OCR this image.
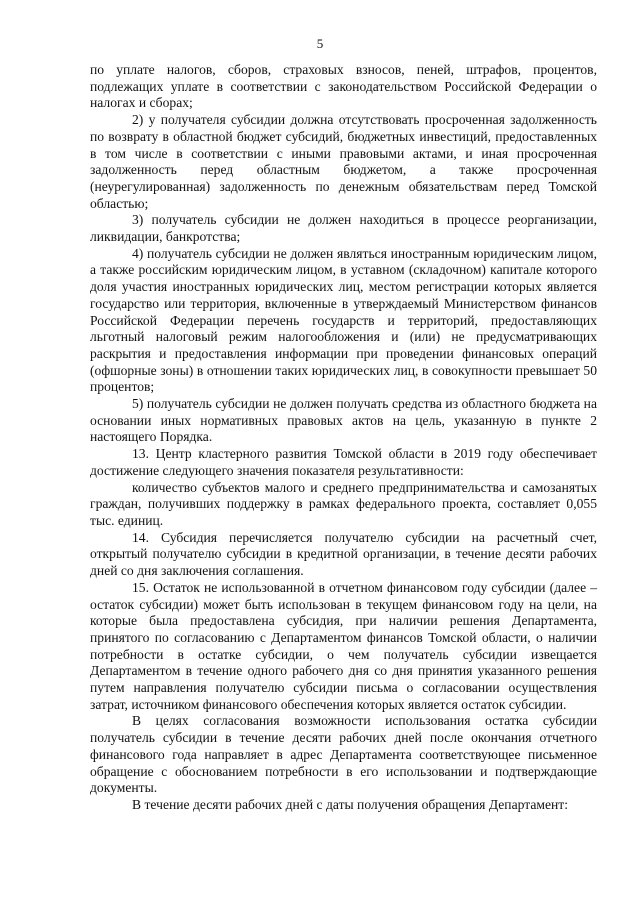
5

по уплате налогов, сборов, страховых взносов, пеней, штрафов, процентов, подлежащих уплате в соответствии с законодательством Российской Федерации о налогах и сборах;

2) у получателя субсидии должна отсутствовать просроченная задолженность по возврату в областной бюджет субсидий, бюджетных инвестиций, предоставленных в том числе в соответствии с иными правовыми актами, и иная просроченная задолженность перед областным бюджетом, а также просроченная (неурегулированная) задолженность по денежным обязательствам перед Томской областью;

3) получатель субсидии не должен находиться в процессе реорганизации, ликвидации, банкротства;

4) получатель субсидии не должен являться иностранным юридическим лицом, а также российским юридическим лицом, в уставном (складочном) капитале которого доля участия иностранных юридических лиц, местом регистрации которых является государство или территория, включенные в утверждаемый Министерством финансов Российской Федерации перечень государств и территорий, предоставляющих льготный налоговый режим налогообложения и (или) не предусматривающих раскрытия и предоставления информации при проведении финансовых операций (офшорные зоны) в отношении таких юридических лиц, в совокупности превышает 50 процентов;

5) получатель субсидии не должен получать средства из областного бюджета на основании иных нормативных правовых актов на цель, указанную в пункте 2 настоящего Порядка.

13. Центр кластерного развития Томской области в 2019 году обеспечивает достижение следующего значения показателя результативности:

количество субъектов малого и среднего предпринимательства и самозанятых граждан, получивших поддержку в рамках федерального проекта, составляет 0,055 тыс. единиц.

14. Субсидия перечисляется получателю субсидии на расчетный счет, открытый получателю субсидии в кредитной организации, в течение десяти рабочих дней со дня заключения соглашения.

15. Остаток не использованной в отчетном финансовом году субсидии (далее – остаток субсидии) может быть использован в текущем финансовом году на цели, на которые была предоставлена субсидия, при наличии решения Департамента, принятого по согласованию с Департаментом финансов Томской области, о наличии потребности в остатке субсидии, о чем получатель субсидии извещается Департаментом в течение одного рабочего дня со дня принятия указанного решения путем направления получателю субсидии письма о согласовании осуществления затрат, источником финансового обеспечения которых является остаток субсидии.

В целях согласования возможности использования остатка субсидии получатель субсидии в течение десяти рабочих дней после окончания отчетного финансового года направляет в адрес Департамента соответствующее письменное обращение с обоснованием потребности в его использовании и подтверждающие документы.

В течение десяти рабочих дней с даты получения обращения Департамент:
